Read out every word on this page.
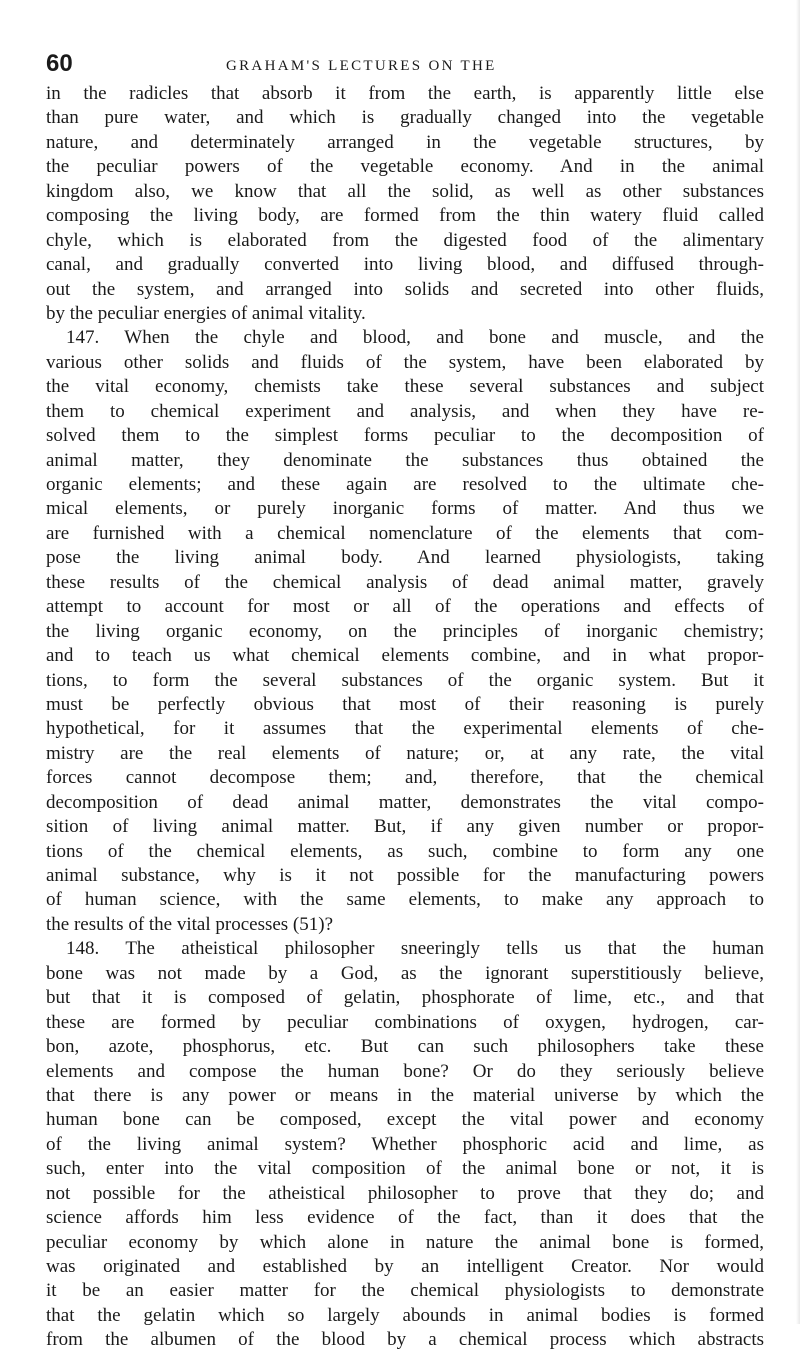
60	GRAHAM'S LECTURES ON THE
in the radicles that absorb it from the earth, is apparently little else
than pure water, and which is gradually changed into the vegetable
nature, and determinately arranged in the vegetable structures, by
the peculiar powers of the vegetable economy. And in the animal
kingdom also, we know that all the solid, as well as other substances
composing the living body, are formed from the thin watery fluid called
chyle, which is elaborated from the digested food of the alimentary
canal, and gradually converted into living blood, and diffused through-
out the system, and arranged into solids and secreted into other fluids,
by the peculiar energies of animal vitality.
147. When the chyle and blood, and bone and muscle, and the
various other solids and fluids of the system, have been elaborated by
the vital economy, chemists take these several substances and subject
them to chemical experiment and analysis, and when they have re-
solved them to the simplest forms peculiar to the decomposition of
animal matter, they denominate the substances thus obtained the
organic elements; and these again are resolved to the ultimate che-
mical elements, or purely inorganic forms of matter. And thus we
are furnished with a chemical nomenclature of the elements that com-
pose the living animal body. And learned physiologists, taking
these results of the chemical analysis of dead animal matter, gravely
attempt to account for most or all of the operations and effects of
the living organic economy, on the principles of inorganic chemistry;
and to teach us what chemical elements combine, and in what propor-
tions, to form the several substances of the organic system. But it
must be perfectly obvious that most of their reasoning is purely
hypothetical, for it assumes that the experimental elements of che-
mistry are the real elements of nature; or, at any rate, the vital
forces cannot decompose them; and, therefore, that the chemical
decomposition of dead animal matter, demonstrates the vital compo-
sition of living animal matter. But, if any given number or propor-
tions of the chemical elements, as such, combine to form any one
animal substance, why is it not possible for the manufacturing powers
of human science, with the same elements, to make any approach to
the results of the vital processes (51)?
148. The atheistical philosopher sneeringly tells us that the human
bone was not made by a God, as the ignorant superstitiously believe,
but that it is composed of gelatin, phosphorate of lime, etc., and that
these are formed by peculiar combinations of oxygen, hydrogen, car-
bon, azote, phosphorus, etc. But can such philosophers take these
elements and compose the human bone? Or do they seriously believe
that there is any power or means in the material universe by which the
human bone can be composed, except the vital power and economy
of the living animal system? Whether phosphoric acid and lime, as
such, enter into the vital composition of the animal bone or not, it is
not possible for the atheistical philosopher to prove that they do; and
science affords him less evidence of the fact, than it does that the
peculiar economy by which alone in nature the animal bone is formed,
was originated and established by an intelligent Creator. Nor would
it be an easier matter for the chemical physiologists to demonstrate
that the gelatin which so largely abounds in animal bodies is formed
from the albumen of the blood by a chemical process which abstracts
